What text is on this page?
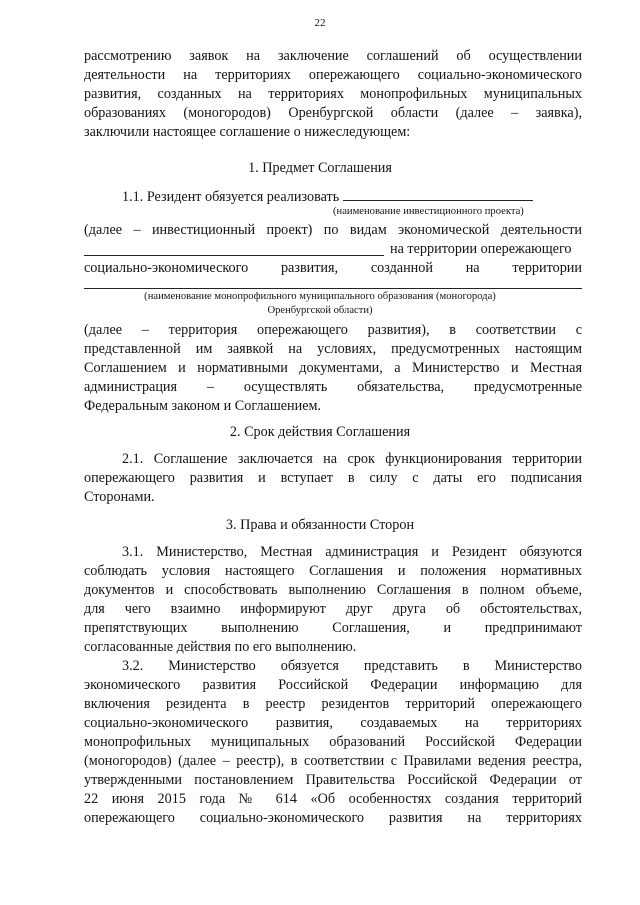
22
рассмотрению заявок на заключение соглашений об осуществлении
деятельности на территориях опережающего социально-экономического
развития, созданных на территориях монопрофильных муниципальных
образованиях (моногородов) Оренбургской области (далее – заявка),
заключили настоящее соглашение о нижеследующем:
1. Предмет Соглашения
1.1. Резидент обязуется реализовать
(наименование инвестиционного проекта)
(далее – инвестиционный проект) по видам экономической деятельности
на территории опережающего
социально-экономического развития, созданной на территории
(наименование монопрофильного муниципального образования (моногорода)
Оренбургской области)
(далее – территория опережающего развития), в соответствии с
представленной им заявкой на условиях, предусмотренных настоящим
Соглашением и нормативными документами, а Министерство и Местная
администрация – осуществлять обязательства, предусмотренные
Федеральным законом и Соглашением.
2. Срок действия Соглашения
2.1. Соглашение заключается на срок функционирования территории
опережающего развития и вступает в силу с даты его подписания
Сторонами.
3. Права и обязанности Сторон
3.1. Министерство, Местная администрация и Резидент обязуются
соблюдать условия настоящего Соглашения и положения нормативных
документов и способствовать выполнению Соглашения в полном объеме,
для чего взаимно информируют друг друга об обстоятельствах,
препятствующих выполнению Соглашения, и предпринимают
согласованные действия по его выполнению.
3.2. Министерство обязуется представить в Министерство
экономического развития Российской Федерации информацию для
включения резидента в реестр резидентов территорий опережающего
социально-экономического развития, создаваемых на территориях
монопрофильных муниципальных образований Российской Федерации
(моногородов) (далее – реестр), в соответствии с Правилами ведения реестра,
утвержденными постановлением Правительства Российской Федерации от
22 июня 2015 года № 614 «Об особенностях создания территорий
опережающего социально-экономического развития на территориях
